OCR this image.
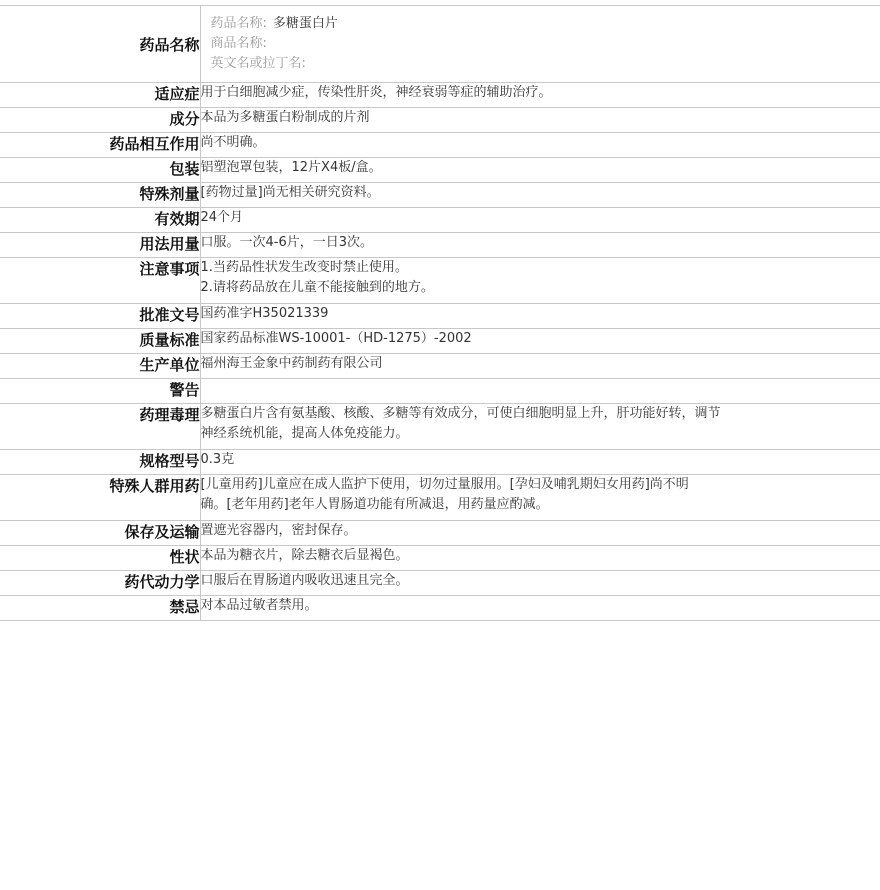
药品名称	药品名称: 多糖蛋白片
商品名称:
英文名或拉丁名:

适应症	用于白细胞减少症，传染性肝炎，神经衰弱等症的辅助治疗。
成分	本品为多糖蛋白粉制成的片剂
药品相互作用	尚不明确。
包装	铝塑泡罩包装，12片X4板/盒。
特殊剂量	[药物过量]尚无相关研究资料。
有效期	24个月
用法用量	口服。一次4-6片，一日3次。
注意事项	1.当药品性状发生改变时禁止使用。
2.请将药品放在儿童不能接触到的地方。

批准文号	国药准字H35021339
质量标准	国家药品标准WS-10001-（HD-1275）-2002
生产单位	福州海王金象中药制药有限公司
警告	
药理毒理	多糖蛋白片含有氨基酸、核酸、多糖等有效成分，可使白细胞明显上升，肝功能好转，调节
神经系统机能，提高人体免疫能力。

规格型号	0.3克
特殊人群用药	[儿童用药]儿童应在成人监护下使用，切勿过量服用。[孕妇及哺乳期妇女用药]尚不明
确。[老年用药]老年人胃肠道功能有所减退，用药量应酌减。

保存及运输	置遮光容器内，密封保存。
性状	本品为糖衣片，除去糖衣后显褐色。
药代动力学	口服后在胃肠道内吸收迅速且完全。
禁忌	对本品过敏者禁用。
